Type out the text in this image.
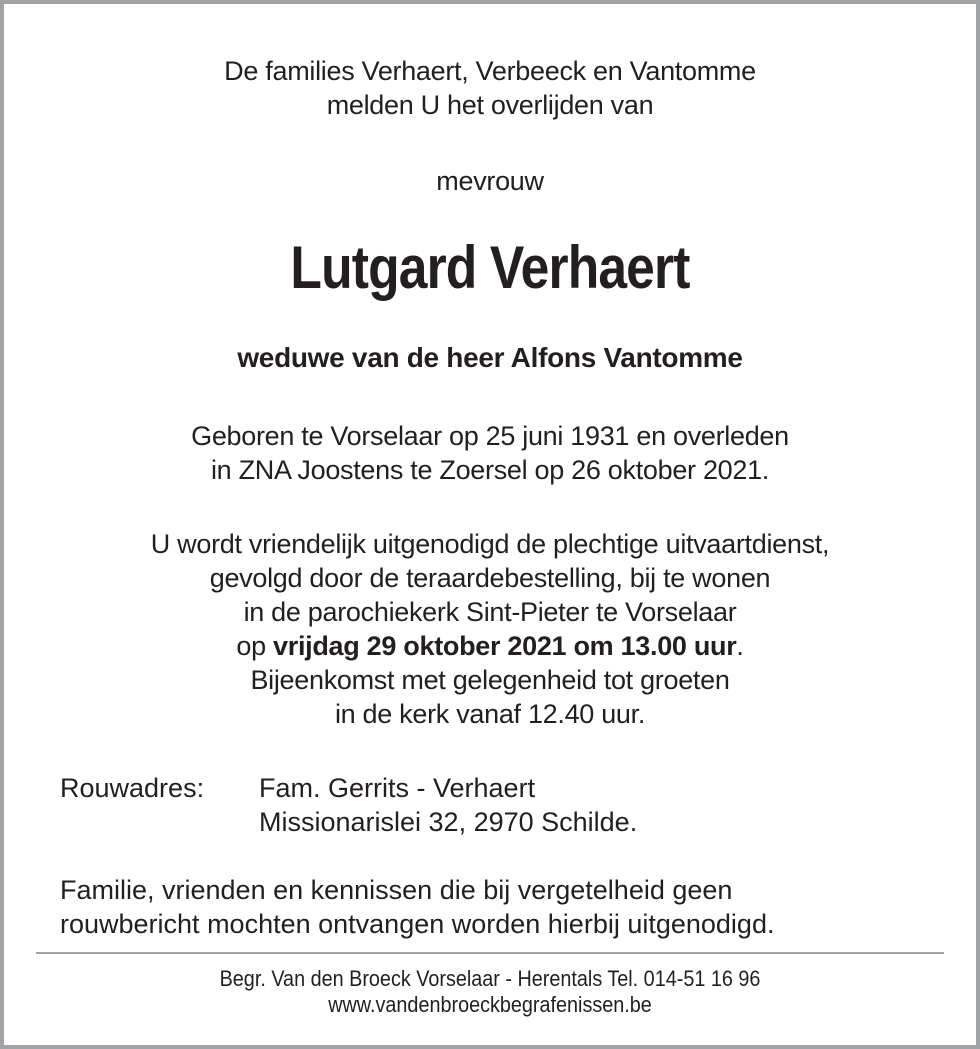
De families Verhaert, Verbeeck en Vantomme
melden U het overlijden van
mevrouw
Lutgard Verhaert
weduwe van de heer Alfons Vantomme
Geboren te Vorselaar op 25 juni 1931 en overleden
in ZNA Joostens te Zoersel op 26 oktober 2021.
U wordt vriendelijk uitgenodigd de plechtige uitvaartdienst,
gevolgd door de teraardebestelling, bij te wonen
in de parochiekerk Sint-Pieter te Vorselaar
op vrijdag 29 oktober 2021 om 13.00 uur.
Bijeenkomst met gelegenheid tot groeten
in de kerk vanaf 12.40 uur.
Rouwadres: Fam. Gerrits - Verhaert
Missionarislei 32, 2970 Schilde.
Familie, vrienden en kennissen die bij vergetelheid geen
rouwbericht mochten ontvangen worden hierbij uitgenodigd.
Begr. Van den Broeck Vorselaar - Herentals Tel. 014-51 16 96
www.vandenbroeckbegrafenissen.be
